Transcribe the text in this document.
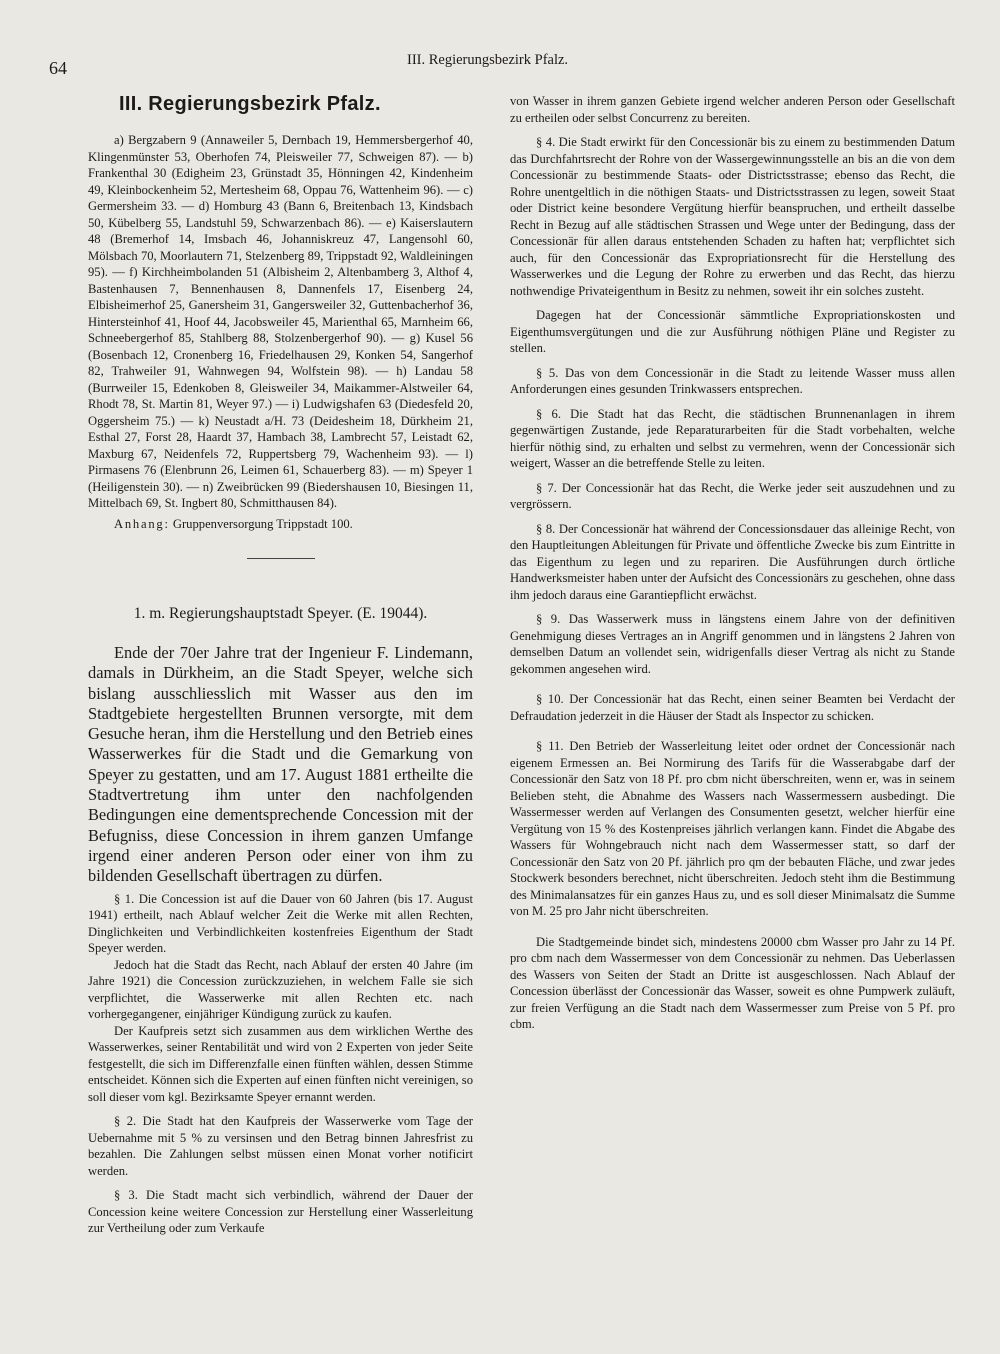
64	III. Regierungsbezirk Pfalz.
III. Regierungsbezirk Pfalz.

a) Bergzabern 9 (Annaweiler 5, Dernbach 19, Hemmersbergerhof 40, Klingenmünster 53, Oberhofen 74, Pleisweiler 77, Schweigen 87). — b) Frankenthal 30 (Edigheim 23, Grünstadt 35, Hönningen 42, Kindenheim 49, Kleinbockenheim 52, Mertesheim 68, Oppau 76, Wattenheim 96). — c) Germersheim 33. — d) Homburg 43 (Bann 6, Breitenbach 13, Kindsbach 50, Kübelberg 55, Landstuhl 59, Schwarzenbach 86). — e) Kaiserslautern 48 (Bremerhof 14, Imsbach 46, Johanniskreuz 47, Langensohl 60, Mölsbach 70, Moorlautern 71, Stelzenberg 89, Trippstadt 92, Waldleiningen 95). — f) Kirchheimbolanden 51 (Albisheim 2, Altenbamberg 3, Althof 4, Bastenhausen 7, Bennenhausen 8, Dannenfels 17, Eisenberg 24, Elbisheimerhof 25, Ganersheim 31, Gangersweiler 32, Guttenbacherhof 36, Hintersteinhof 41, Hoof 44, Jacobsweiler 45, Marienthal 65, Marnheim 66, Schneebergerhof 85, Stahlberg 88, Stolzenbergerhof 90). — g) Kusel 56 (Bosenbach 12, Cronenberg 16, Friedelhausen 29, Konken 54, Sangerhof 82, Trahweiler 91, Wahnwegen 94, Wolfstein 98). — h) Landau 58 (Burrweiler 15, Edenkoben 8, Gleisweiler 34, Maikammer-Alstweiler 64, Rhodt 78, St. Martin 81, Weyer 97.) — i) Ludwigshafen 63 (Diedesfeld 20, Oggersheim 75.) — k) Neustadt a/H. 73 (Deidesheim 18, Dürkheim 21, Esthal 27, Forst 28, Haardt 37, Hambach 38, Lambrecht 57, Leistadt 62, Maxburg 67, Neidenfels 72, Ruppertsberg 79, Wachenheim 93). — l) Pirmasens 76 (Elenbrunn 26, Leimen 61, Schauerberg 83). — m) Speyer 1 (Heiligenstein 30). — n) Zweibrücken 99 (Biedershausen 10, Biesingen 11, Mittelbach 69, St. Ingbert 80, Schmitthausen 84).

Anhang: Gruppenversorgung Trippstadt 100.

1. m. Regierungshauptstadt Speyer. (E. 19044).

Ende der 70er Jahre trat der Ingenieur F. Lindemann, damals in Dürkheim, an die Stadt Speyer, welche sich bislang ausschliesslich mit Wasser aus den im Stadtgebiete hergestellten Brunnen versorgte, mit dem Gesuche heran, ihm die Herstellung und den Betrieb eines Wasserwerkes für die Stadt und die Gemarkung von Speyer zu gestatten, und am 17. August 1881 ertheilte die Stadtvertretung ihm unter den nachfolgenden Bedingungen eine dementsprechende Concession mit der Befugniss, diese Concession in ihrem ganzen Umfange irgend einer anderen Person oder einer von ihm zu bildenden Gesellschaft übertragen zu dürfen.

§ 1. Die Concession ist auf die Dauer von 60 Jahren (bis 17. August 1941) ertheilt, nach Ablauf welcher Zeit die Werke mit allen Rechten, Dinglichkeiten und Verbindlichkeiten kostenfreies Eigenthum der Stadt Speyer werden.

Jedoch hat die Stadt das Recht, nach Ablauf der ersten 40 Jahre (im Jahre 1921) die Concession zurückzuziehen, in welchem Falle sie sich verpflichtet, die Wasserwerke mit allen Rechten etc. nach vorhergegangener, einjähriger Kündigung zurück zu kaufen.

Der Kaufpreis setzt sich zusammen aus dem wirklichen Werthe des Wasserwerkes, seiner Rentabilität und wird von 2 Experten von jeder Seite festgestellt, die sich im Differenzfalle einen fünften wählen, dessen Stimme entscheidet. Können sich die Experten auf einen fünften nicht vereinigen, so soll dieser vom kgl. Bezirksamte Speyer ernannt werden.

§ 2. Die Stadt hat den Kaufpreis der Wasserwerke vom Tage der Uebernahme mit 5 % zu versinsen und den Betrag binnen Jahresfrist zu bezahlen. Die Zahlungen selbst müssen einen Monat vorher notificirt werden.

§ 3. Die Stadt macht sich verbindlich, während der Dauer der Concession keine weitere Concession zur Herstellung einer Wasserleitung zur Vertheilung oder zum Verkaufe

von Wasser in ihrem ganzen Gebiete irgend welcher anderen Person oder Gesellschaft zu ertheilen oder selbst Concurrenz zu bereiten.

§ 4. Die Stadt erwirkt für den Concessionär bis zu einem zu bestimmenden Datum das Durchfahrtsrecht der Rohre von der Wassergewinnungsstelle an bis an die von dem Concessionär zu bestimmende Staats- oder Districtsstrasse; ebenso das Recht, die Rohre unentgeltlich in die nöthigen Staats- und Districtsstrassen zu legen, soweit Staat oder District keine besondere Vergütung hierfür beanspruchen, und ertheilt dasselbe Recht in Bezug auf alle städtischen Strassen und Wege unter der Bedingung, dass der Concessionär für allen daraus entstehenden Schaden zu haften hat; verpflichtet sich auch, für den Concessionär das Expropriationsrecht für die Herstellung des Wasserwerkes und die Legung der Rohre zu erwerben und das Recht, das hierzu nothwendige Privateigenthum in Besitz zu nehmen, soweit ihr ein solches zusteht.

Dagegen hat der Concessionär sämmtliche Expropriationskosten und Eigenthumsvergütungen und die zur Ausführung nöthigen Pläne und Register zu stellen.

§ 5. Das von dem Concessionär in die Stadt zu leitende Wasser muss allen Anforderungen eines gesunden Trinkwassers entsprechen.

§ 6. Die Stadt hat das Recht, die städtischen Brunnenanlagen in ihrem gegenwärtigen Zustande, jede Reparaturarbeiten für die Stadt vorbehalten, welche hierfür nöthig sind, zu erhalten und selbst zu vermehren, wenn der Concessionär sich weigert, Wasser an die betreffende Stelle zu leiten.

§ 7. Der Concessionär hat das Recht, die Werke jeder seit auszudehnen und zu vergrössern.

§ 8. Der Concessionär hat während der Concessionsdauer das alleinige Recht, von den Hauptleitungen Ableitungen für Private und öffentliche Zwecke bis zum Eintritte in das Eigenthum zu legen und zu repariren. Die Ausführungen durch örtliche Handwerksmeister haben unter der Aufsicht des Concessionärs zu geschehen, ohne dass ihm jedoch daraus eine Garantiepflicht erwächst.

§ 9. Das Wasserwerk muss in längstens einem Jahre von der definitiven Genehmigung dieses Vertrages an in Angriff genommen und in längstens 2 Jahren von demselben Datum an vollendet sein, widrigenfalls dieser Vertrag als nicht zu Stande gekommen angesehen wird.

§ 10. Der Concessionär hat das Recht, einen seiner Beamten bei Verdacht der Defraudation jederzeit in die Häuser der Stadt als Inspector zu schicken.

§ 11. Den Betrieb der Wasserleitung leitet oder ordnet der Concessionär nach eigenem Ermessen an. Bei Normirung des Tarifs für die Wasserabgabe darf der Concessionär den Satz von 18 Pf. pro cbm nicht überschreiten, wenn er, was in seinem Belieben steht, die Abnahme des Wassers nach Wassermessern ausbedingt. Die Wassermesser werden auf Verlangen des Consumenten gesetzt, welcher hierfür eine Vergütung von 15 % des Kostenpreises jährlich verlangen kann. Findet die Abgabe des Wassers für Wohngebrauch nicht nach dem Wassermesser statt, so darf der Concessionär den Satz von 20 Pf. jährlich pro qm der bebauten Fläche, und zwar jedes Stockwerk besonders berechnet, nicht überschreiten. Jedoch steht ihm die Bestimmung des Minimalansatzes für ein ganzes Haus zu, und es soll dieser Minimalsatz die Summe von M. 25 pro Jahr nicht überschreiten.

Die Stadtgemeinde bindet sich, mindestens 20000 cbm Wasser pro Jahr zu 14 Pf. pro cbm nach dem Wassermesser von dem Concessionär zu nehmen. Das Ueberlassen des Wassers von Seiten der Stadt an Dritte ist ausgeschlossen. Nach Ablauf der Concession überlässt der Concessionär das Wasser, soweit es ohne Pumpwerk zuläuft, zur freien Verfügung an die Stadt nach dem Wassermesser zum Preise von 5 Pf. pro cbm.
